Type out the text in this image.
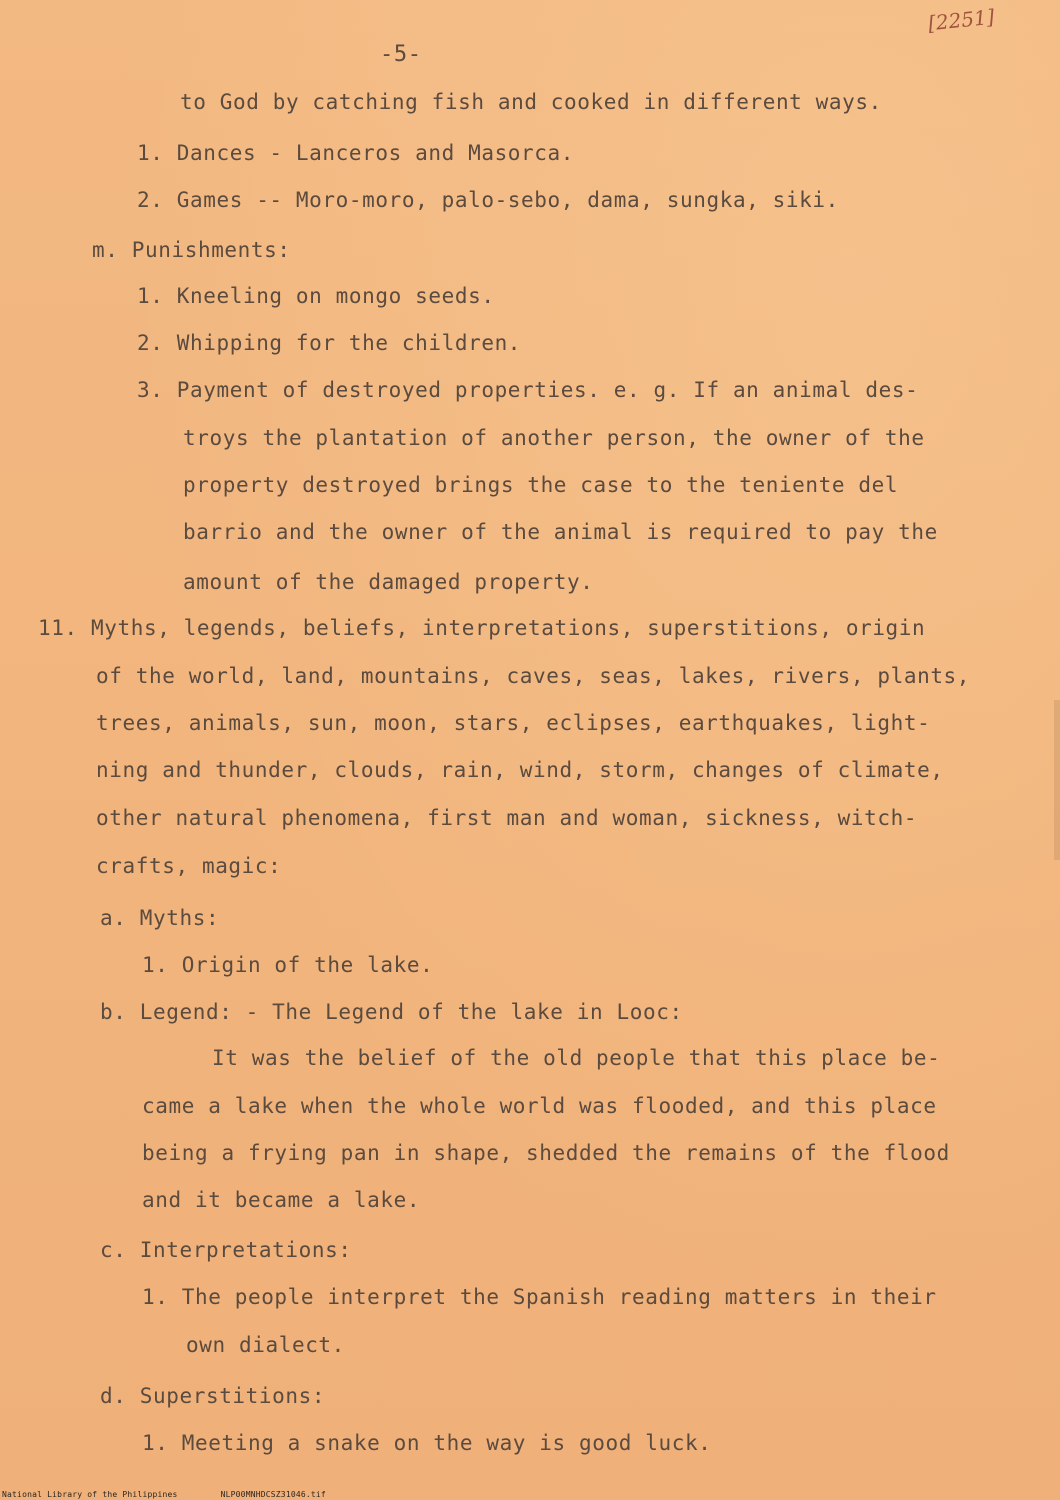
[2251]
-5-
to God by catching fish and cooked in different ways.
1. Dances - Lanceros and Masorca.
2. Games -- Moro-moro, palo-sebo, dama, sungka, siki.
m. Punishments:
1. Kneeling on mongo seeds.
2. Whipping for the children.
3. Payment of destroyed properties. e. g. If an animal des-
troys the plantation of another person, the owner of the
property destroyed brings the case to the teniente del
barrio and the owner of the animal is required to pay the
amount of the damaged property.
11. Myths, legends, beliefs, interpretations, superstitions, origin
of the world, land, mountains, caves, seas, lakes, rivers, plants,
trees, animals, sun, moon, stars, eclipses, earthquakes, light-
ning and thunder, clouds, rain, wind, storm, changes of climate,
other natural phenomena, first man and woman, sickness, witch-
crafts, magic:
a. Myths:
1. Origin of the lake.
b. Legend: - The Legend of the lake in Looc:
It was the belief of the old people that this place be-
came a lake when the whole world was flooded, and this place
being a frying pan in shape, shedded the remains of the flood
and it became a lake.
c. Interpretations:
1. The people interpret the Spanish reading matters in their
own dialect.
d. Superstitions:
1. Meeting a snake on the way is good luck.
National Library of the Philippines	NLP00MNHDCSZ31046.tif
